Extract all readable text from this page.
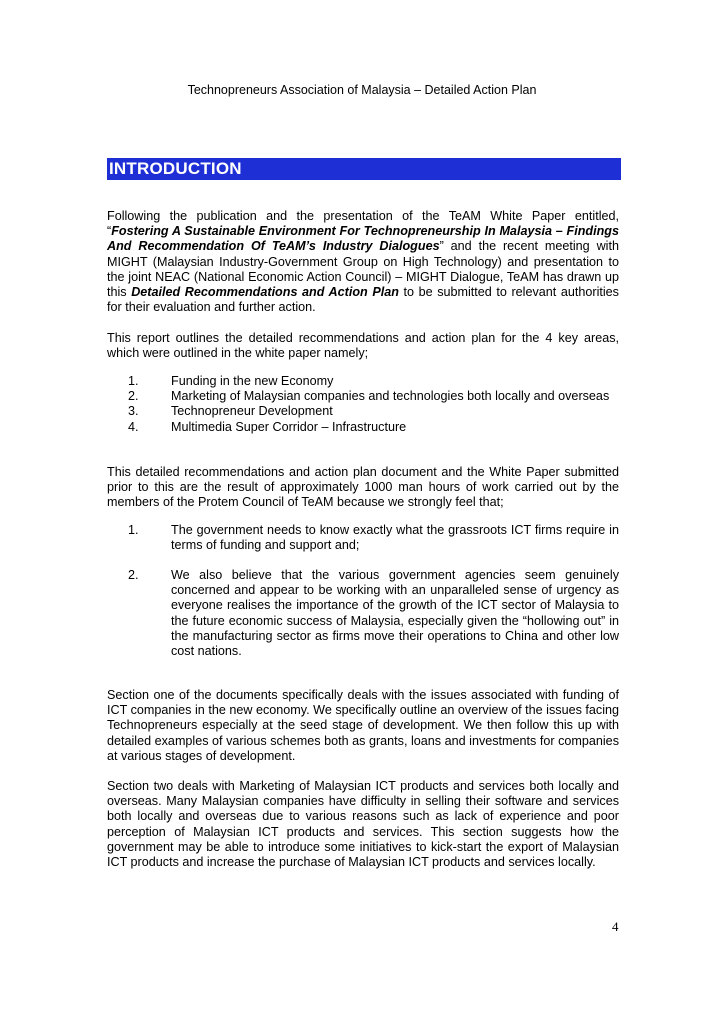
Technopreneurs Association of Malaysia – Detailed Action Plan
INTRODUCTION
Following the publication and the presentation of the TeAM White Paper entitled, “Fostering A Sustainable Environment For Technopreneurship In Malaysia – Findings And Recommendation Of TeAM’s Industry Dialogues” and the recent meeting with MIGHT (Malaysian Industry-Government Group on High Technology) and presentation to the joint NEAC (National Economic Action Council) – MIGHT Dialogue, TeAM has drawn up this Detailed Recommendations and Action Plan to be submitted to relevant authorities for their evaluation and further action.
This report outlines the detailed recommendations and action plan for the 4 key areas, which were outlined in the white paper namely;
1.	Funding in the new Economy
2.	Marketing of Malaysian companies and technologies both locally and overseas
3.	Technopreneur Development
4.	Multimedia Super Corridor – Infrastructure
This detailed recommendations and action plan document and the White Paper submitted prior to this are the result of approximately 1000 man hours of work carried out by the members of the Protem Council of TeAM because we strongly feel that;
1.	The government needs to know exactly what the grassroots ICT firms require in terms of funding and support and;
2.	We also believe that the various government agencies seem genuinely concerned and appear to be working with an unparalleled sense of urgency as everyone realises the importance of the growth of the ICT sector of Malaysia to the future economic success of Malaysia, especially given the “hollowing out” in the manufacturing sector as firms move their operations to China and other low cost nations.
Section one of the documents specifically deals with the issues associated with funding of ICT companies in the new economy. We specifically outline an overview of the issues facing Technopreneurs especially at the seed stage of development. We then follow this up with detailed examples of various schemes both as grants, loans and investments for companies at various stages of development.
Section two deals with Marketing of Malaysian ICT products and services both locally and overseas. Many Malaysian companies have difficulty in selling their software and services both locally and overseas due to various reasons such as lack of experience and poor perception of Malaysian ICT products and services. This section suggests how the government may be able to introduce some initiatives to kick-start the export of Malaysian ICT products and increase the purchase of Malaysian ICT products and services locally.
4
